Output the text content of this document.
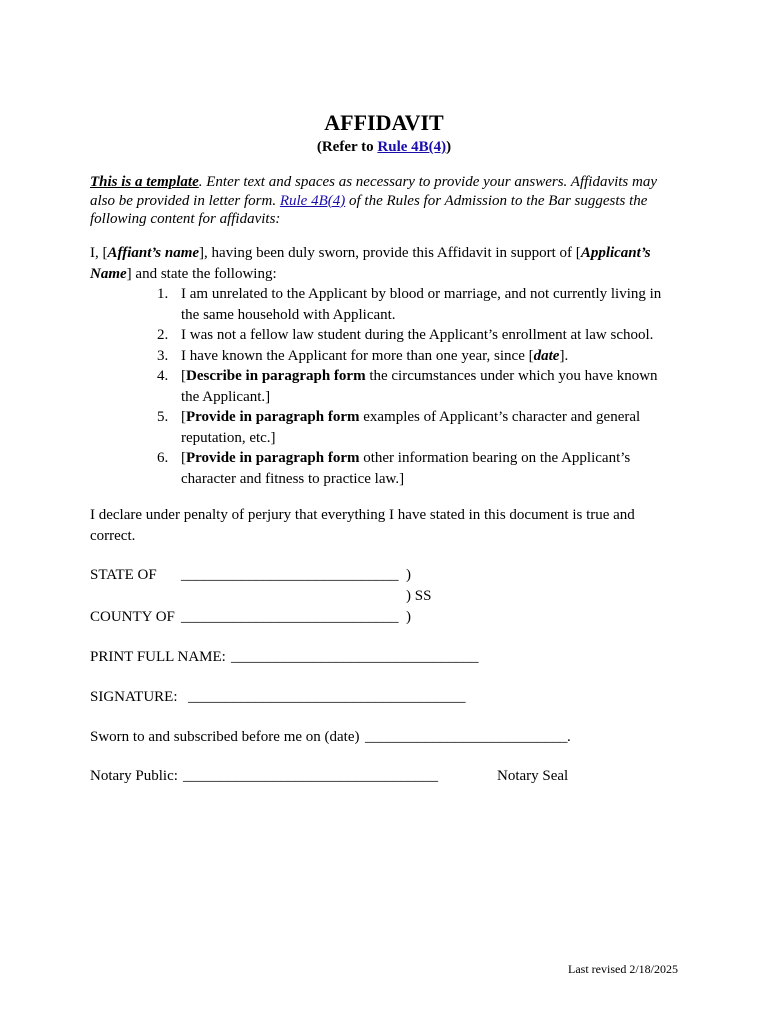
AFFIDAVIT
(Refer to Rule 4B(4))
This is a template. Enter text and spaces as necessary to provide your answers. Affidavits may also be provided in letter form. Rule 4B(4) of the Rules for Admission to the Bar suggests the following content for affidavits:
I, [Affiant’s name], having been duly sworn, provide this Affidavit in support of [Applicant’s Name] and state the following:
1. I am unrelated to the Applicant by blood or marriage, and not currently living in the same household with Applicant.
2. I was not a fellow law student during the Applicant’s enrollment at law school.
3. I have known the Applicant for more than one year, since [date].
4. [Describe in paragraph form the circumstances under which you have known the Applicant.]
5. [Provide in paragraph form examples of Applicant’s character and general reputation, etc.]
6. [Provide in paragraph form other information bearing on the Applicant’s character and fitness to practice law.]
I declare under penalty of perjury that everything I have stated in this document is true and correct.
STATE OF _____________________________ )
) SS
COUNTY OF _____________________________ )
PRINT FULL NAME: _________________________________
SIGNATURE: _____________________________________
Sworn to and subscribed before me on (date) ___________________________ .
Notary Public: __________________________________	Notary Seal
Last revised 2/18/2025
